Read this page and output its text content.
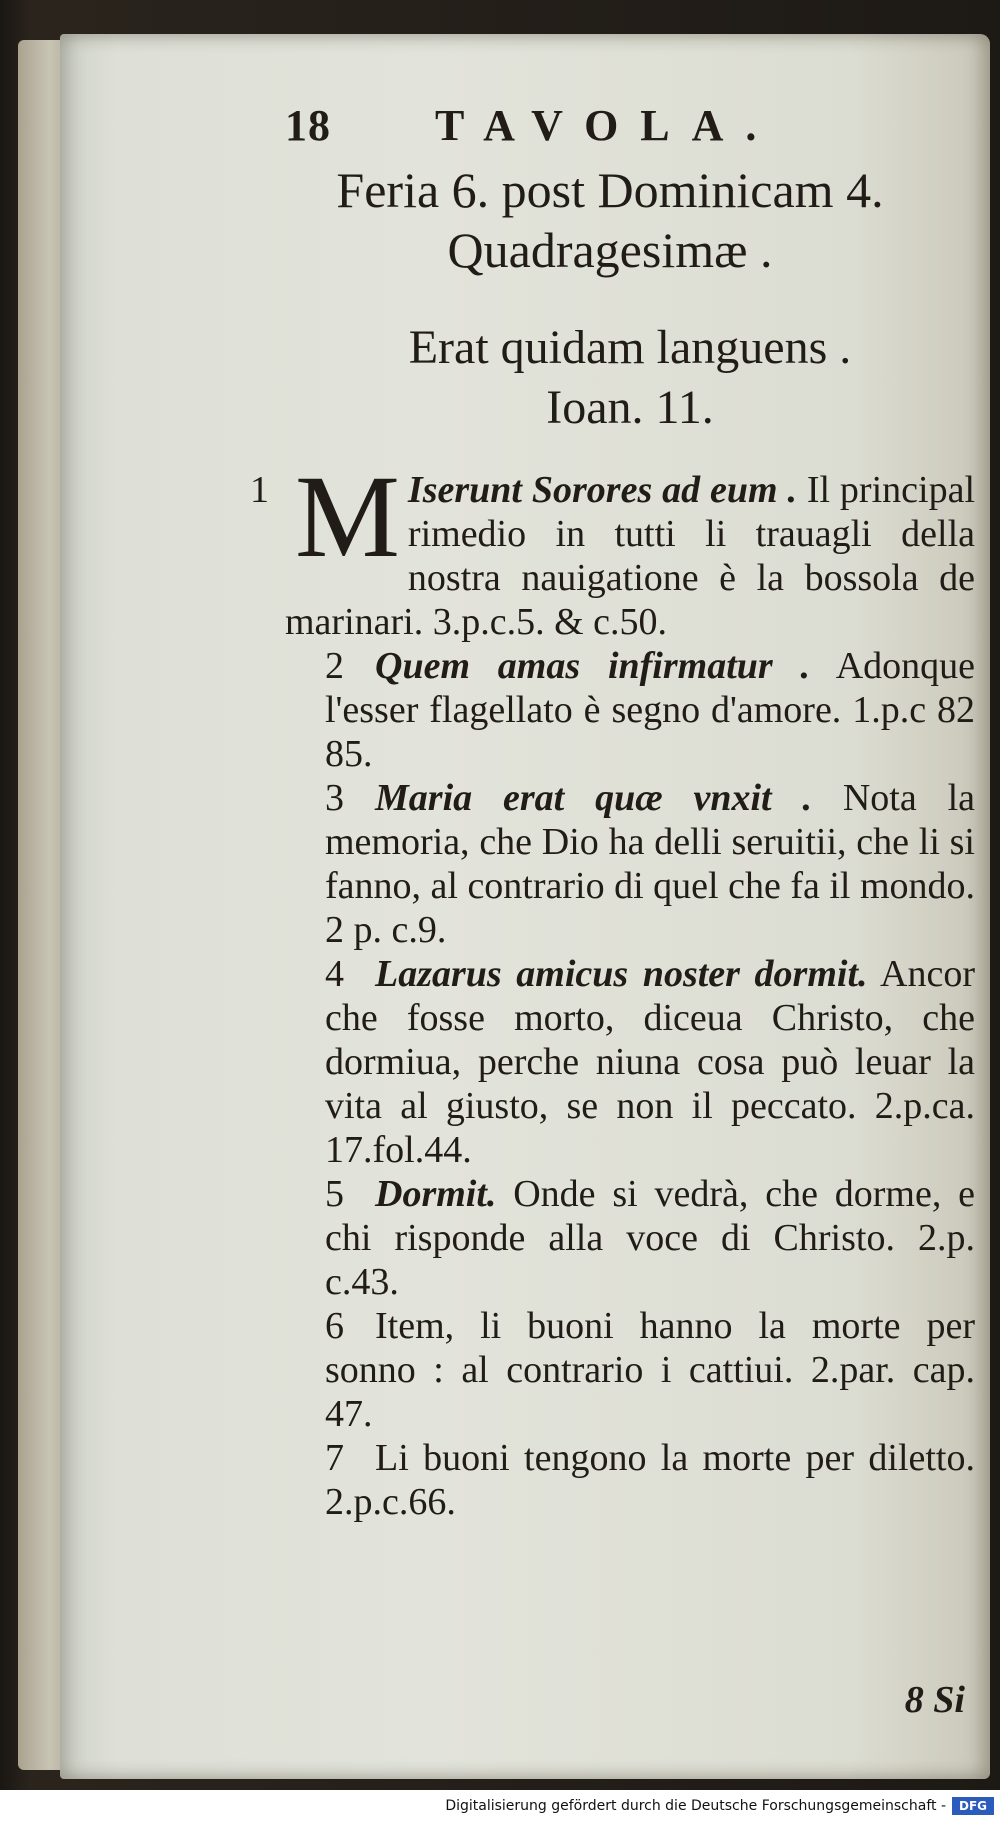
18	TAVOLA.
Feria 6. post Dominicam 4.
Quadragesimæ .
Erat quidam languens .
Ioan. 11.

1 M Iserunt Sorores ad eum . Il principal rimedio in tutti li trauagli della nostra nauigatione è la bossola de marinari. 3.p.c.5. & c.50.

2 Quem amas infirmatur . Adonque l'esser flagellato è segno d'amore. 1.p.c 82 85.

3 Maria erat quæ vnxit . Nota la memoria, che Dio ha delli seruitii, che li si fanno, al contrario di quel che fa il mondo. 2 p. c.9.

4 Lazarus amicus noster dormit. Ancor che fosse morto, diceua Christo, che dormiua, perche niuna cosa può leuar la vita al giusto, se non il peccato. 2.p.ca. 17.fol.44.

5 Dormit. Onde si vedrà, che dorme, e chi risponde alla voce di Christo. 2.p. c.43.

6 Item, li buoni hanno la morte per sonno : al contrario i cattiui. 2.par. cap. 47.

7 Li buoni tengono la morte per diletto. 2.p.c.66.

8 Si
Digitalisierung gefördert durch die Deutsche Forschungsgemeinschaft -	DFG
